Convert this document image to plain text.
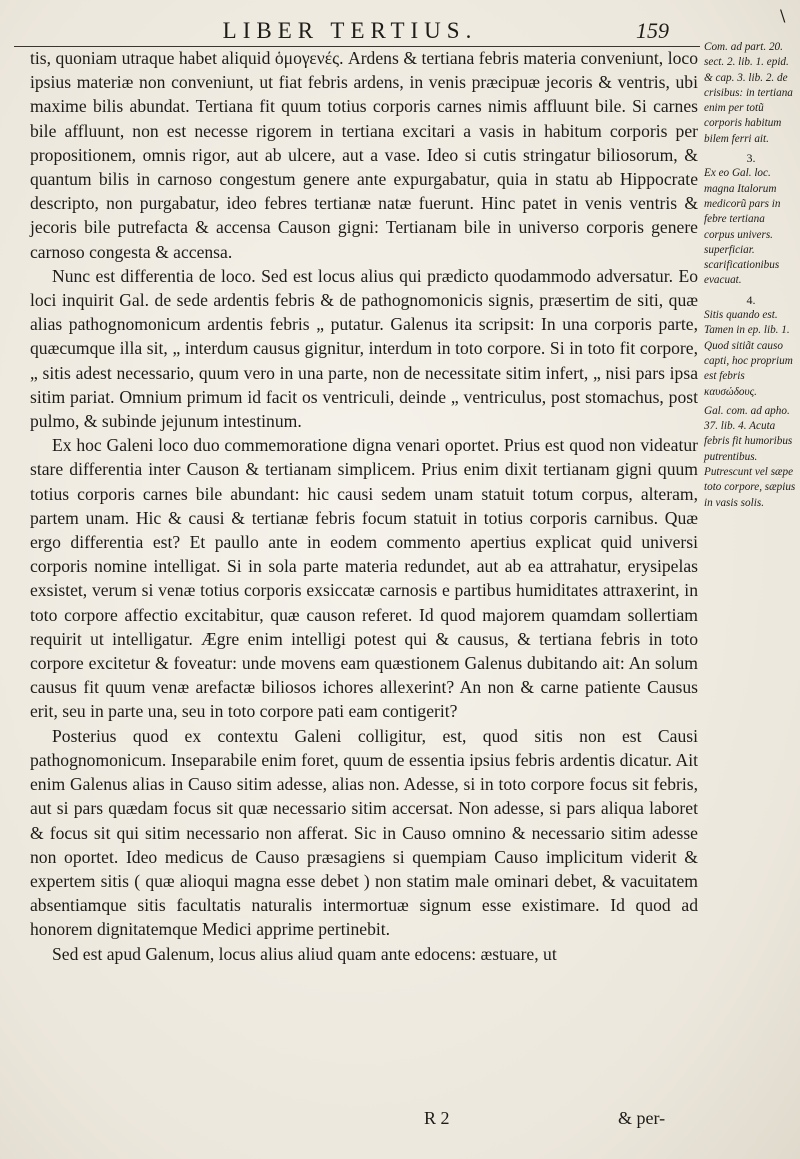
LIBER TERTIUS.	159
\

tis, quoniam utraque habet aliquid ὁμογενές. Ardens & tertiana febris materia conveniunt, loco ipsius materiæ non conveniunt, ut fiat febris ardens, in venis præcipuæ jecoris & ventris, ubi maxime bilis abundat. Tertiana fit quum totius corporis carnes nimis affluunt bile. Si carnes bile affluunt, non est necesse rigorem in tertiana excitari a vasis in habitum corporis per propositionem, omnis rigor, aut ab ulcere, aut a vase. Ideo si cutis stringatur biliosorum, & quantum bilis in carnoso congestum genere ante expurgabatur, quia in statu ab Hippocrate descripto, non purgabatur, ideo febres tertianæ natæ fuerunt. Hinc patet in venis ventris & jecoris bile putrefacta & accensa Causon gigni: Tertianam bile in universo corporis genere carnoso congesta & accensa.

Nunc est differentia de loco. Sed est locus alius qui prædicto quodammodo adversatur. Eo loci inquirit Gal. de sede ardentis febris & de pathognomonicis signis, præsertim de siti, quæ alias pathognomonicum ardentis febris „ putatur. Galenus ita scripsit: In una corporis parte, quæcumque illa sit, „ interdum causus gignitur, interdum in toto corpore. Si in toto fit corpore, „ sitis adest necessario, quum vero in una parte, non de necessitate sitim infert, „ nisi pars ipsa sitim pariat. Omnium primum id facit os ventriculi, deinde „ ventriculus, post stomachus, post pulmo, & subinde jejunum intestinum.

Ex hoc Galeni loco duo commemoratione digna venari oportet. Prius est quod non videatur stare differentia inter Causon & tertianam simplicem. Prius enim dixit tertianam gigni quum totius corporis carnes bile abundant: hic causi sedem unam statuit totum corpus, alteram, partem unam. Hic & causi & tertianæ febris focum statuit in totius corporis carnibus. Quæ ergo differentia est? Et paullo ante in eodem commento apertius explicat quid universi corporis nomine intelligat. Si in sola parte materia redundet, aut ab ea attrahatur, erysipelas exsistet, verum si venæ totius corporis exsiccatæ carnosis e partibus humiditates attraxerint, in toto corpore affectio excitabitur, quæ causon referet. Id quod majorem quamdam sollertiam requirit ut intelligatur. Ægre enim intelligi potest qui & causus, & tertiana febris in toto corpore excitetur & foveatur: unde movens eam quæstionem Galenus dubitando ait: An solum causus fit quum venæ arefactæ biliosos ichores allexerint? An non & carne patiente Causus erit, seu in parte una, seu in toto corpore pati eam contigerit?

Posterius quod ex contextu Galeni colligitur, est, quod sitis non est Causi pathognomonicum. Inseparabile enim foret, quum de essentia ipsius febris ardentis dicatur. Ait enim Galenus alias in Causo sitim adesse, alias non. Adesse, si in toto corpore focus sit febris, aut si pars quædam focus sit quæ necessario sitim accersat. Non adesse, si pars aliqua laboret & focus sit qui sitim necessario non afferat. Sic in Causo omnino & necessario sitim adesse non oportet. Ideo medicus de Causo præsagiens si quempiam Causo implicitum viderit & expertem sitis ( quæ alioqui magna esse debet ) non statim male ominari debet, & vacuitatem absentiamque sitis facultatis naturalis intermortuæ signum esse existimare. Id quod ad honorem dignitatemque Medici apprime pertinebit.

Sed est apud Galenum, locus alius aliud quam ante edocens: æstuare, ut

Com. ad part. 20. sect. 2. lib. 1. epid. & cap. 3. lib. 2. de crisibus: in tertiana enim per totũ corporis habitum bilem ferri ait.
3.
Ex eo Gal. loc. magna Italorum medicorũ pars in febre tertiana corpus univers. superficiar. scarificationibus evacuat.
4.
Sitis quando est. Tamen in ep. lib. 1. Quod sitiãt causo capti, hoc proprium est febris καυσώδους.
Gal. com. ad apho. 37. lib. 4. Acuta febris fit humoribus putrentibus. Putrescunt vel sæpe toto corpore, sæpius in vasis solis.
R 2	& per-
